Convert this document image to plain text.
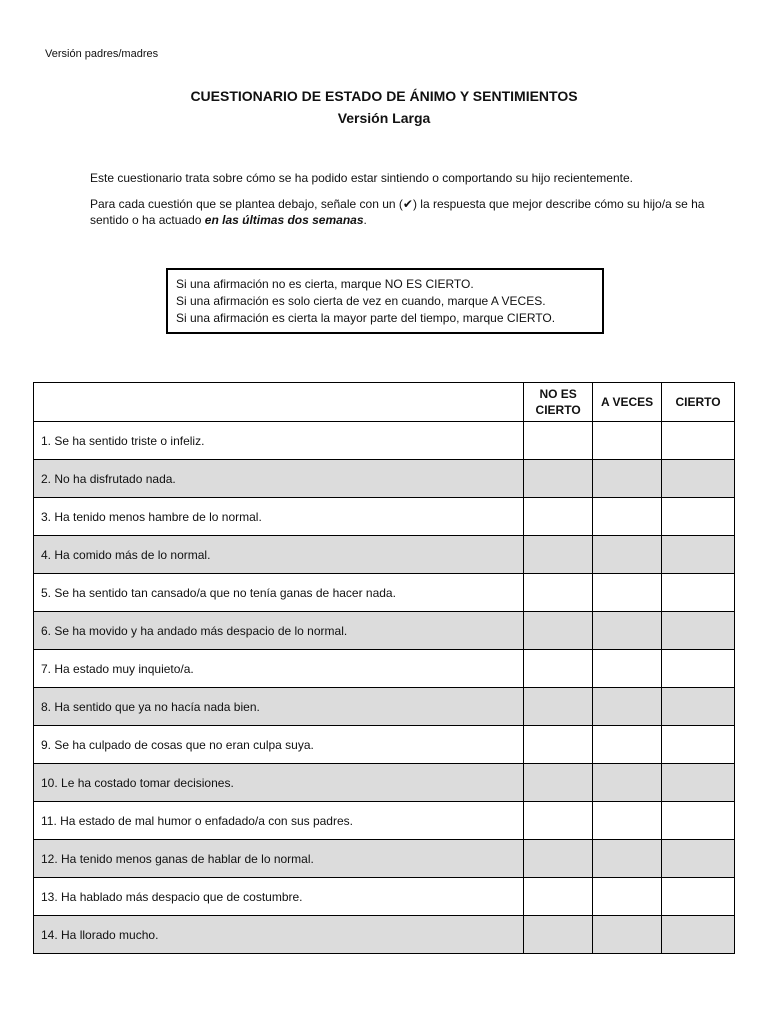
Versión padres/madres
CUESTIONARIO DE ESTADO DE ÁNIMO Y SENTIMIENTOS
Versión Larga

Este cuestionario trata sobre cómo se ha podido estar sintiendo o comportando su hijo recientemente.

Para cada cuestión que se plantea debajo, señale con un (✔) la respuesta que mejor describe cómo su hijo/a se ha sentido o ha actuado en las últimas dos semanas.

Si una afirmación no es cierta, marque NO ES CIERTO.
Si una afirmación es solo cierta de vez en cuando, marque A VECES.
Si una afirmación es cierta la mayor parte del tiempo, marque CIERTO.
	NO ES CIERTO	A VECES	CIERTO
1. Se ha sentido triste o infeliz.			
2. No ha disfrutado nada.			
3. Ha tenido menos hambre de lo normal.			
4. Ha comido más de lo normal.			
5. Se ha sentido tan cansado/a que no tenía ganas de hacer nada.			
6. Se ha movido y ha andado más despacio de lo normal.			
7. Ha estado muy inquieto/a.			
8. Ha sentido que ya no hacía nada bien.			
9. Se ha culpado de cosas que no eran culpa suya.			
10. Le ha costado tomar decisiones.			
11. Ha estado de mal humor o enfadado/a con sus padres.			
12. Ha tenido menos ganas de hablar de lo normal.			
13. Ha hablado más despacio que de costumbre.			
14. Ha llorado mucho.			
